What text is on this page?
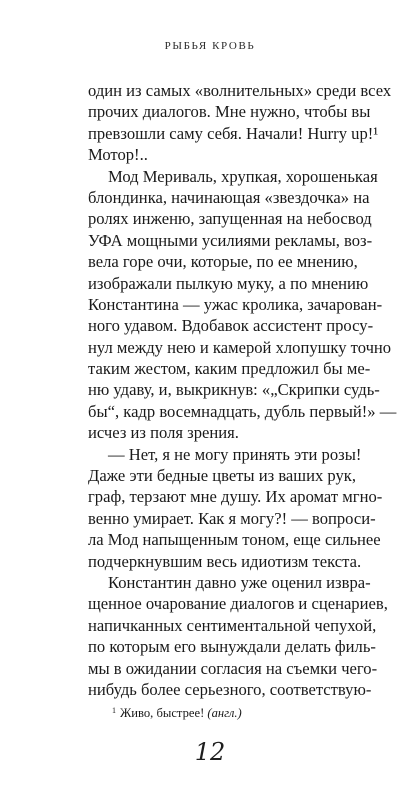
РЫБЬЯ КРОВЬ
один из самых «волнительных» среди всех
прочих диалогов. Мне нужно, чтобы вы
превзошли саму себя. Начали! Hurry up!¹
Мотор!..
Мод Мериваль, хрупкая, хорошенькая
блондинка, начинающая «звездочка» на
ролях инженю, запущенная на небосвод
УФА мощными усилиями рекламы, воз-
вела горе очи, которые, по ее мнению,
изображали пылкую муку, а по мнению
Константина — ужас кролика, зачарован-
ного удавом. Вдобавок ассистент просу-
нул между нею и камерой хлопушку точно
таким жестом, каким предложил бы ме-
ню удаву, и, выкрикнув: «„Скрипки судь-
бы“, кадр восемнадцать, дубль первый!» —
исчез из поля зрения.
— Нет, я не могу принять эти розы!
Даже эти бедные цветы из ваших рук,
граф, терзают мне душу. Их аромат мгно-
венно умирает. Как я могу?! — вопроси-
ла Мод напыщенным тоном, еще сильнее
подчеркнувшим весь идиотизм текста.
Константин давно уже оценил извра-
щенное очарование диалогов и сценариев,
напичканных сентиментальной чепухой,
по которым его вынуждали делать филь-
мы в ожидании согласия на съемки чего-
нибудь более серьезного, соответствую-
$^1$ Живо, быстрее! (англ.)
12
